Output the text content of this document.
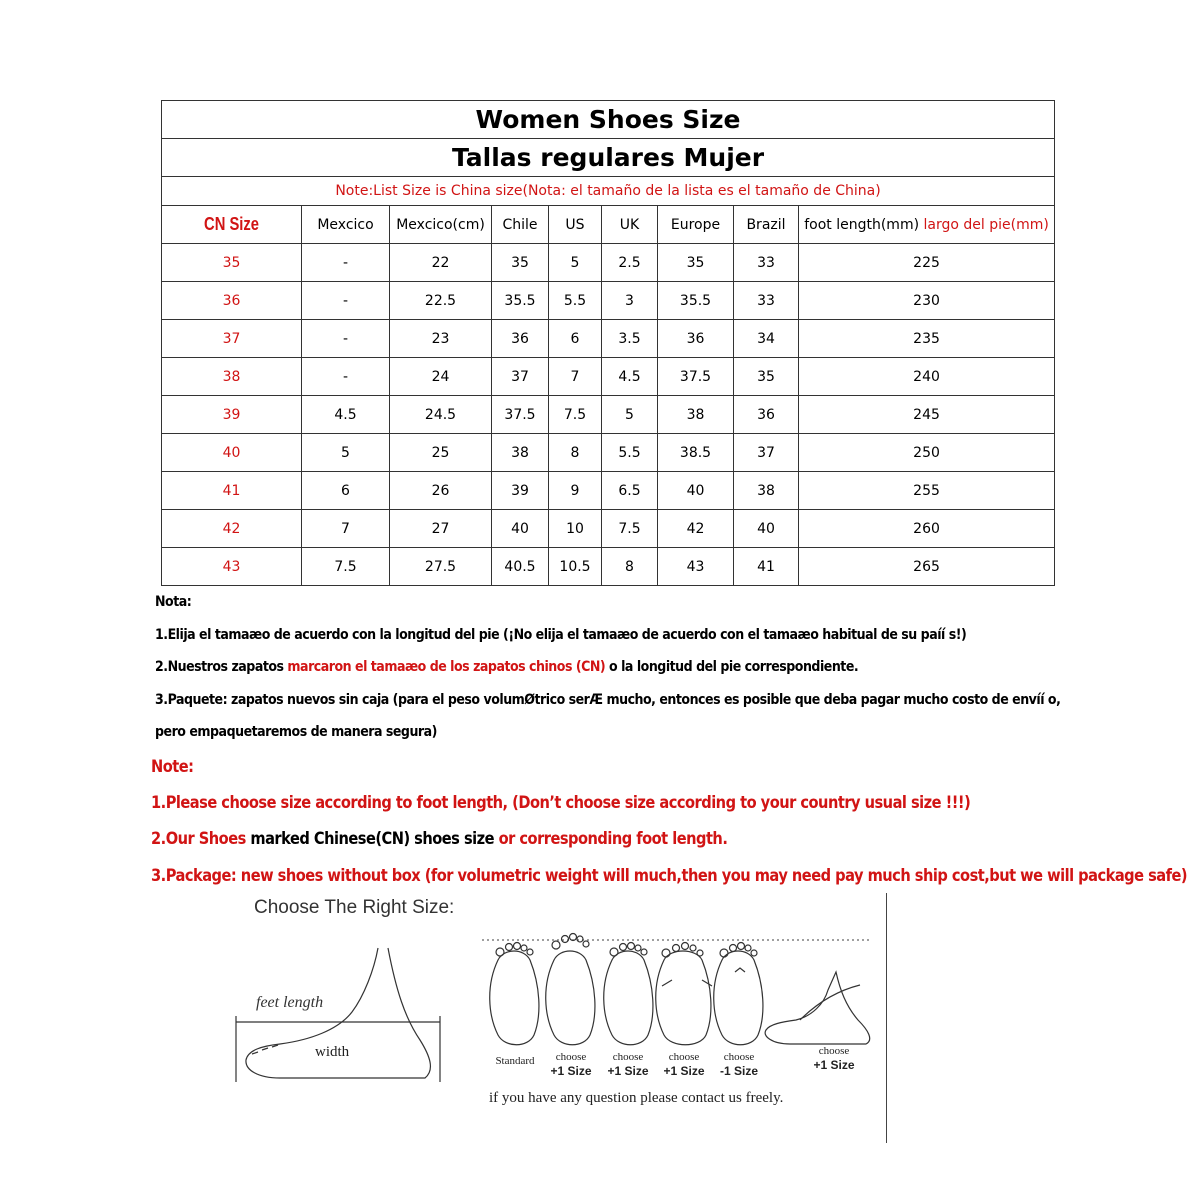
Women Shoes Size								
Tallas regulares Mujer								
Note:List Size is China size(Nota: el tamaño de la lista es el tamaño de China)								
CN Size	Mexcico	Mexcico(cm)	Chile	US	UK	Europe	Brazil	foot length(mm) largo del pie(mm)
35	-	22	35	5	2.5	35	33	225
36	-	22.5	35.5	5.5	3	35.5	33	230
37	-	23	36	6	3.5	36	34	235
38	-	24	37	7	4.5	37.5	35	240
39	4.5	24.5	37.5	7.5	5	38	36	245
40	5	25	38	8	5.5	38.5	37	250
41	6	26	39	9	6.5	40	38	255
42	7	27	40	10	7.5	42	40	260
43	7.5	27.5	40.5	10.5	8	43	41	265
Nota:
1.Elija el tamaæo de acuerdo con la longitud del pie (¡No elija el tamaæo de acuerdo con el tamaæo habitual de su paíí s!)
2.Nuestros zapatos marcaron el tamaæo de los zapatos chinos (CN) o la longitud del pie correspondiente.
3.Paquete: zapatos nuevos sin caja (para el peso volumØtrico serÆ mucho, entonces es posible que deba pagar mucho costo de envíí o,
pero empaquetaremos de manera segura)
Note:
1.Please choose size according to foot length, (Don’t choose size according to your country usual size !!!)
2.Our Shoes marked Chinese(CN) shoes size or corresponding foot length.
3.Package: new shoes without box (for volumetric weight will much,then you may need pay much ship cost,but we will package safe)
Choose The Right Size:
feet length
width
Standard	choose
+1 Size
choose
+1 Size
choose
+1 Size
choose
-1 Size
choose
+1 Size
if you have any question please contact us freely.
